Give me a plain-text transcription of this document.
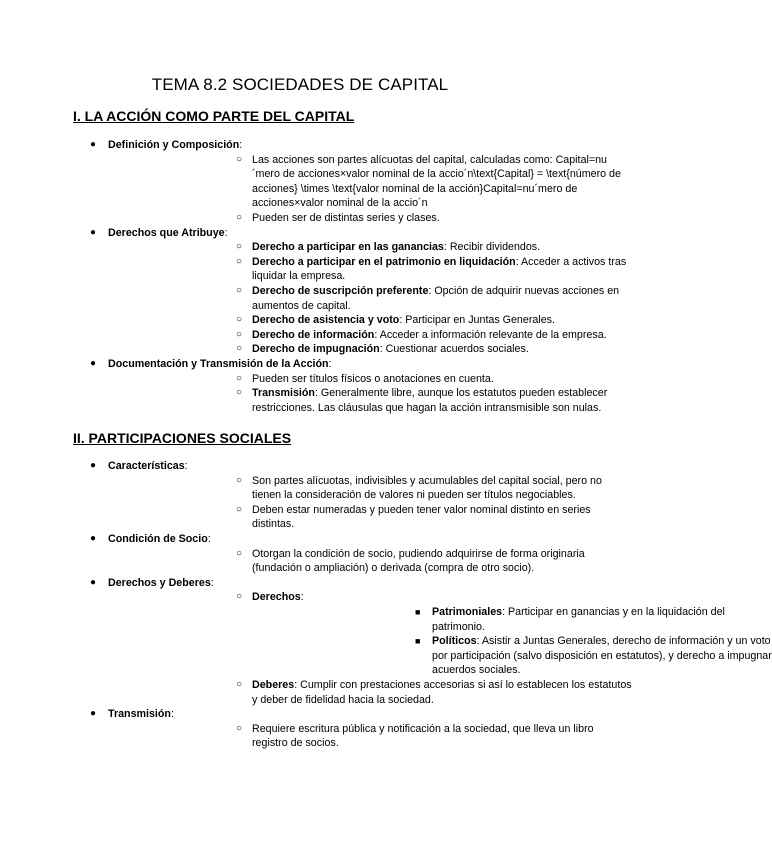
TEMA 8.2 SOCIEDADES DE CAPITAL
I. LA ACCIÓN COMO PARTE DEL CAPITAL
● Definición y Composición:
○ Las acciones son partes alícuotas del capital, calculadas como: Capital=nu´mero de acciones×valor nominal de la accio´n\text{Capital} = \text{número de acciones} \times \text{valor nominal de la acción}Capital=nu´mero de acciones×valor nominal de la accio´n
○ Pueden ser de distintas series y clases.
● Derechos que Atribuye:
○ Derecho a participar en las ganancias: Recibir dividendos.
○ Derecho a participar en el patrimonio en liquidación: Acceder a activos tras liquidar la empresa.
○ Derecho de suscripción preferente: Opción de adquirir nuevas acciones en aumentos de capital.
○ Derecho de asistencia y voto: Participar en Juntas Generales.
○ Derecho de información: Acceder a información relevante de la empresa.
○ Derecho de impugnación: Cuestionar acuerdos sociales.
● Documentación y Transmisión de la Acción:
○ Pueden ser títulos físicos o anotaciones en cuenta.
○ Transmisión: Generalmente libre, aunque los estatutos pueden establecer restricciones. Las cláusulas que hagan la acción intransmisible son nulas.
II. PARTICIPACIONES SOCIALES
● Características:
○ Son partes alícuotas, indivisibles y acumulables del capital social, pero no tienen la consideración de valores ni pueden ser títulos negociables.
○ Deben estar numeradas y pueden tener valor nominal distinto en series distintas.
● Condición de Socio:
○ Otorgan la condición de socio, pudiendo adquirirse de forma originaria (fundación o ampliación) o derivada (compra de otro socio).
● Derechos y Deberes:
○ Derechos:
■ Patrimoniales: Participar en ganancias y en la liquidación del patrimonio.
■ Políticos: Asistir a Juntas Generales, derecho de información y un voto por participación (salvo disposición en estatutos), y derecho a impugnar acuerdos sociales.
○ Deberes: Cumplir con prestaciones accesorias si así lo establecen los estatutos y deber de fidelidad hacia la sociedad.
● Transmisión:
○ Requiere escritura pública y notificación a la sociedad, que lleva un libro registro de socios.
